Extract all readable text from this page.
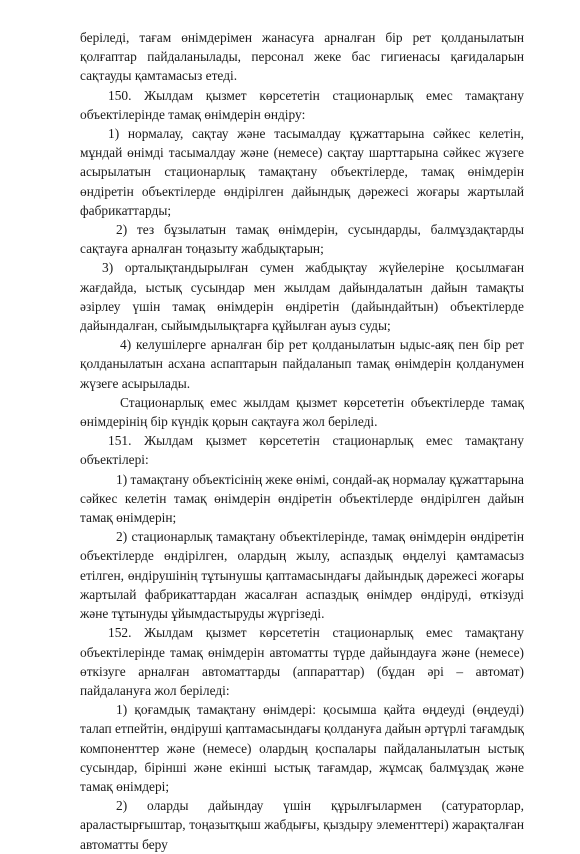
беріледі, тағам өнімдерімен жанасуға арналған бір рет қолданылатын қолғаптар пайдаланылады, персонал жеке бас гигиенасы қағидаларын сақтауды қамтамасыз етеді.

150. Жылдам қызмет көрсететін стационарлық емес тамақтану объектілерінде тамақ өнімдерін өндіру:

1) нормалау, сақтау және тасымалдау құжаттарына сәйкес келетін, мұндай өнімді тасымалдау және (немесе) сақтау шарттарына сәйкес жүзеге асырылатын стационарлық тамақтану объектілерде, тамақ өнімдерін өндіретін объектілерде өндірілген дайындық дәрежесі жоғары жартылай фабрикаттарды;

2) тез бұзылатын тамақ өнімдерін, сусындарды, балмұздақтарды сақтауға арналған тоңазыту жабдықтарын;

3) орталықтандырылған сумен жабдықтау жүйелеріне қосылмаған жағдайда, ыстық сусындар мен жылдам дайындалатын дайын тамақты әзірлеу үшін тамақ өнімдерін өндіретін (дайындайтын) объектілерде дайындалған, сыйымдылықтарға құйылған ауыз суды;

4) келушілерге арналған бір рет қолданылатын ыдыс-аяқ пен бір рет қолданылатын асхана аспаптарын пайдаланып тамақ өнімдерін қолданумен жүзеге асырылады.

Стационарлық емес жылдам қызмет көрсететін объектілерде тамақ өнімдерінің бір күндік қорын сақтауға жол беріледі.

151. Жылдам қызмет көрсететін стационарлық емес тамақтану объектілері:

1) тамақтану объектісінің жеке өнімі, сондай-ақ нормалау құжаттарына сәйкес келетін тамақ өнімдерін өндіретін объектілерде өндірілген дайын тамақ өнімдерін;

2) стационарлық тамақтану объектілерінде, тамақ өнімдерін өндіретін объектілерде өндірілген, олардың жылу, аспаздық өңделуі қамтамасыз етілген, өндірушінің тұтынушы қаптамасындағы дайындық дәрежесі жоғары жартылай фабрикаттардан жасалған аспаздық өнімдер өндіруді, өткізуді және тұтынуды ұйымдастыруды жүргізеді.

152. Жылдам қызмет көрсететін стационарлық емес тамақтану объектілерінде тамақ өнімдерін автоматты түрде дайындауға және (немесе) өткізуге арналған автоматтарды (аппараттар) (бұдан әрі – автомат) пайдалануға жол беріледі:

1) қоғамдық тамақтану өнімдері: қосымша қайта өңдеуді (өңдеуді) талап етпейтін, өндіруші қаптамасындағы қолдануға дайын әртүрлі тағамдық компоненттер және (немесе) олардың қоспалары пайдаланылатын ыстық сусындар, бірінші және екінші ыстық тағамдар, жұмсақ балмұздақ және тамақ өнімдері;

2) оларды дайындау үшін құрылғылармен (сатураторлар, араластырғыштар, тоңазытқыш жабдығы, қыздыру элементтері) жарақталған автоматты беру
